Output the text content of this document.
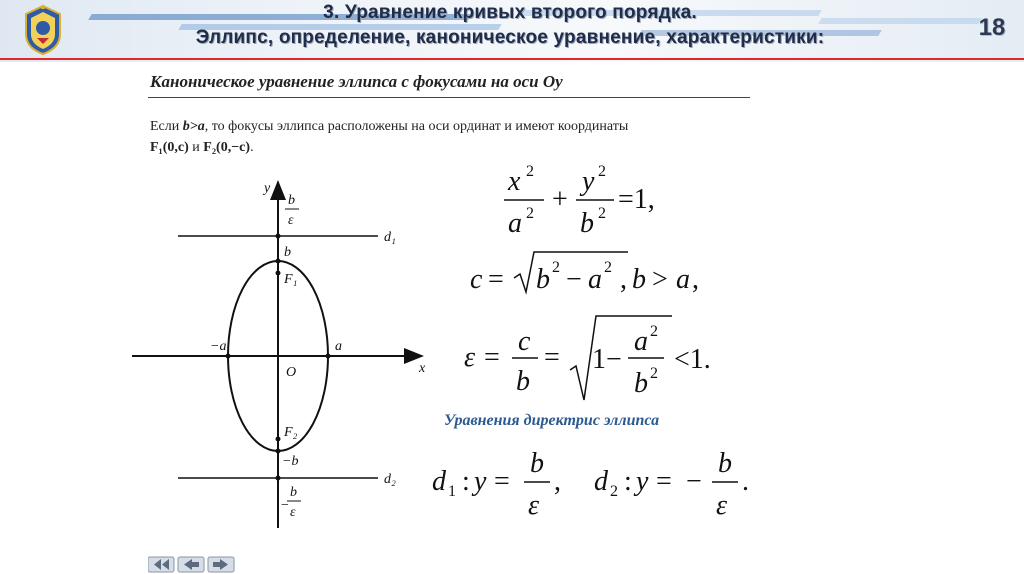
3. Уравнение кривых второго порядка.
Эллипс, определение, каноническое уравнение, характеристики:	18
Каноническое уравнение эллипса с фокусами на оси Oy
Если b>a, то фокусы эллипса расположены на оси ординат и имеют координаты
F₁(0,c) и F₂(0,−c).
y
x
O
a
−a
b
−b
F₁
F₂
d₁
d₂
b
ε
−
b
ε
x 2
a 2 +
y 2
b 2 =1,
c = b 2 − a 2 , b > a ,
ε =
c
b
= 1 −
a 2
b 2 <1.
Уравнения директрис эллипса
d 1 : y =
b
ε
, d 2 : y = −
b
ε
.
